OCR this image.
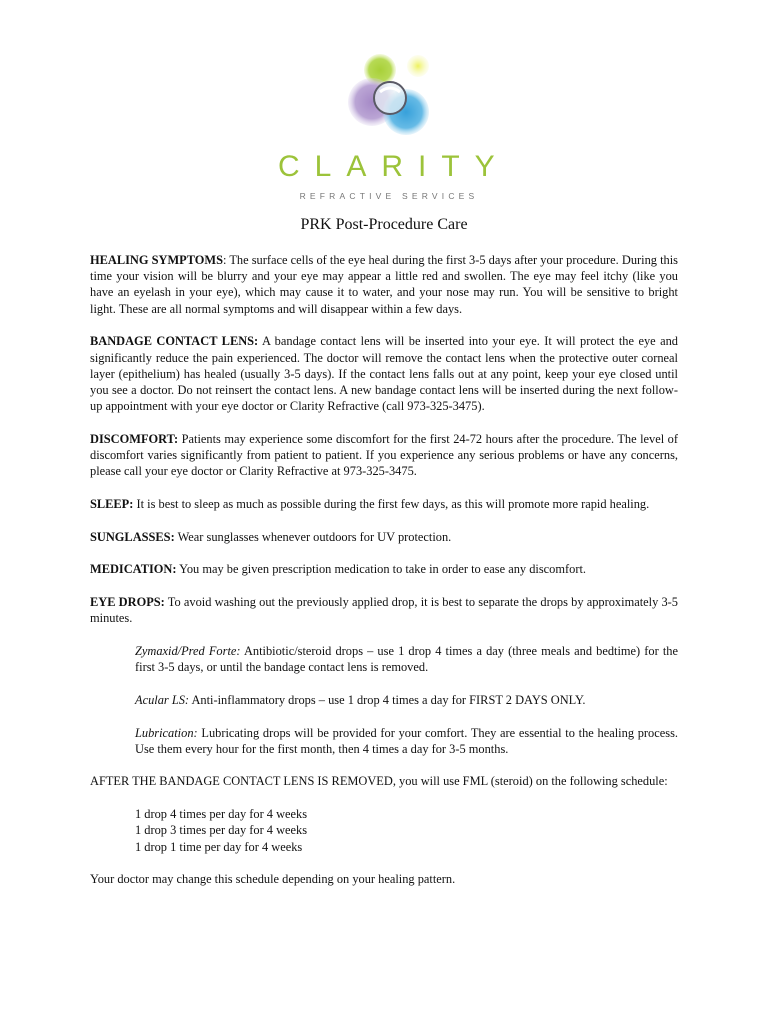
CLARITY
REFRACTIVE SERVICES
PRK Post-Procedure Care

HEALING SYMPTOMS: The surface cells of the eye heal during the first 3-5 days after your procedure. During this time your vision will be blurry and your eye may appear a little red and swollen. The eye may feel itchy (like you have an eyelash in your eye), which may cause it to water, and your nose may run. You will be sensitive to bright light. These are all normal symptoms and will disappear within a few days.

BANDAGE CONTACT LENS: A bandage contact lens will be inserted into your eye. It will protect the eye and significantly reduce the pain experienced. The doctor will remove the contact lens when the protective outer corneal layer (epithelium) has healed (usually 3-5 days). If the contact lens falls out at any point, keep your eye closed until you see a doctor. Do not reinsert the contact lens. A new bandage contact lens will be inserted during the next follow-up appointment with your eye doctor or Clarity Refractive (call 973-325-3475).

DISCOMFORT: Patients may experience some discomfort for the first 24-72 hours after the procedure. The level of discomfort varies significantly from patient to patient. If you experience any serious problems or have any concerns, please call your eye doctor or Clarity Refractive at 973-325-3475.

SLEEP: It is best to sleep as much as possible during the first few days, as this will promote more rapid healing.

SUNGLASSES: Wear sunglasses whenever outdoors for UV protection.

MEDICATION: You may be given prescription medication to take in order to ease any discomfort.

EYE DROPS: To avoid washing out the previously applied drop, it is best to separate the drops by approximately 3-5 minutes.

Zymaxid/Pred Forte: Antibiotic/steroid drops – use 1 drop 4 times a day (three meals and bedtime) for the first 3-5 days, or until the bandage contact lens is removed.

Acular LS: Anti-inflammatory drops – use 1 drop 4 times a day for FIRST 2 DAYS ONLY.

Lubrication: Lubricating drops will be provided for your comfort. They are essential to the healing process. Use them every hour for the first month, then 4 times a day for 3-5 months.

AFTER THE BANDAGE CONTACT LENS IS REMOVED, you will use FML (steroid) on the following schedule:

1 drop 4 times per day for 4 weeks
1 drop 3 times per day for 4 weeks
1 drop 1 time per day for 4 weeks

Your doctor may change this schedule depending on your healing pattern.
